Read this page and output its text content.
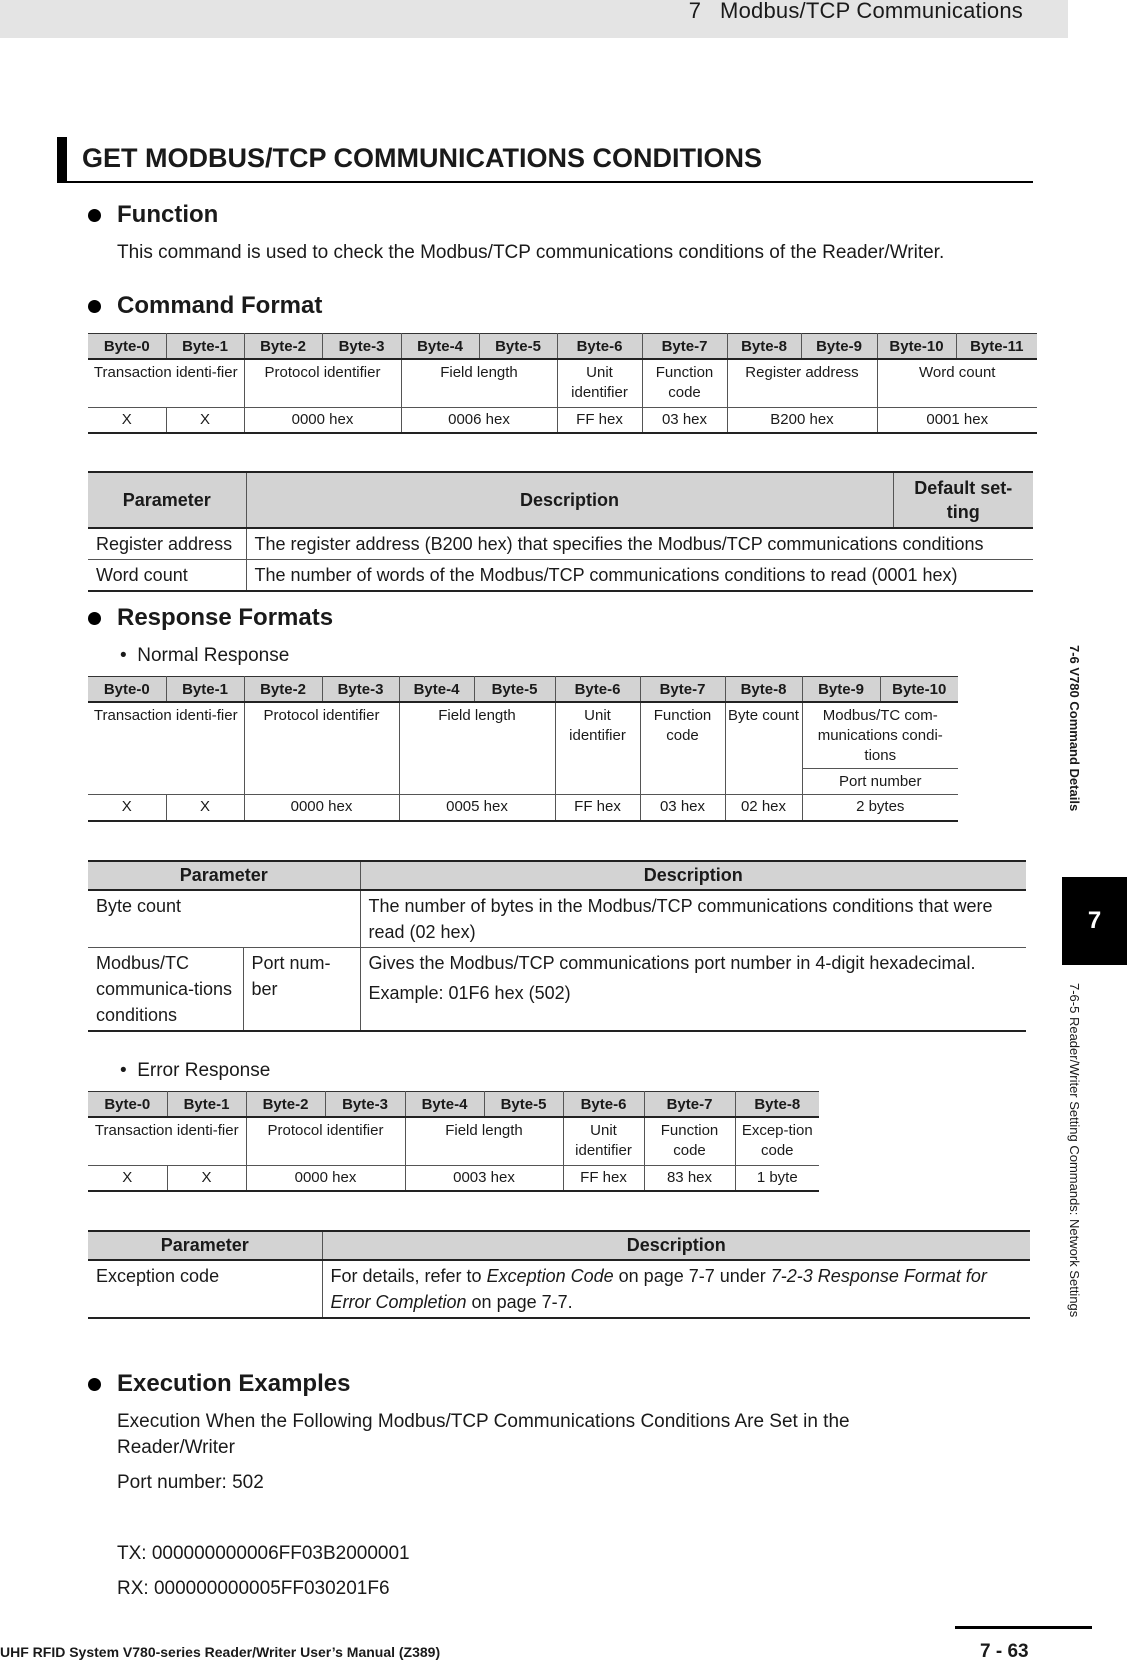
7   Modbus/TCP Communications
7-6 V780 Command Details
7
7-6-5 Reader/Writer Setting Commands: Network Settings
GET MODBUS/TCP COMMUNICATIONS CONDITIONS
Function
This command is used to check the Modbus/TCP communications conditions of the Reader/Writer.
Command Format
Byte-0	Byte-1	Byte-2	Byte-3	Byte-4	Byte-5	Byte-6	Byte-7	Byte-8	Byte-9	Byte-10	Byte-11
Transaction identi-fier		Protocol identifier		Field length		Unit identifier	Function code	Register address		Word count	
X	X	0000 hex		0006 hex		FF hex	03 hex	B200 hex		0001 hex	
Parameter	Description	Default set-ting
Register address	The register address (B200 hex) that specifies the Modbus/TCP communications conditions	
Word count	The number of words of the Modbus/TCP communications conditions to read (0001 hex)	
Response Formats
•  Normal Response
Byte-0	Byte-1	Byte-2	Byte-3	Byte-4	Byte-5	Byte-6	Byte-7	Byte-8	Byte-9	Byte-10
Transaction identi-fier		Protocol identifier		Field length		Unit identifier	Function code	Byte count	Modbus/TC com-munications condi-tions	
									Port number	
X	X	0000 hex		0005 hex		FF hex	03 hex	02 hex	2 bytes	
Parameter		Description
Byte count		The number of bytes in the Modbus/TCP communications conditions that were read (02 hex)
Modbus/TC communica-tions conditions	Port num-ber	Gives the Modbus/TCP communications port number in 4-digit hexadecimal.
Example: 01F6 hex (502)
•  Error Response
Byte-0	Byte-1	Byte-2	Byte-3	Byte-4	Byte-5	Byte-6	Byte-7	Byte-8
Transaction identi-fier		Protocol identifier		Field length		Unit identifier	Function code	Excep-tion code
X	X	0000 hex		0003 hex		FF hex	83 hex	1 byte
Parameter	Description
Exception code	For details, refer to Exception Code on page 7-7 under 7-2-3 Response Format for Error Completion on page 7-7.
Execution Examples
Execution When the Following Modbus/TCP Communications Conditions Are Set in the Reader/Writer
Port number: 502
TX: 000000000006FF03B2000001
RX: 000000000005FF030201F6
UHF RFID System V780-series Reader/Writer User’s Manual (Z389)	7 - 63
